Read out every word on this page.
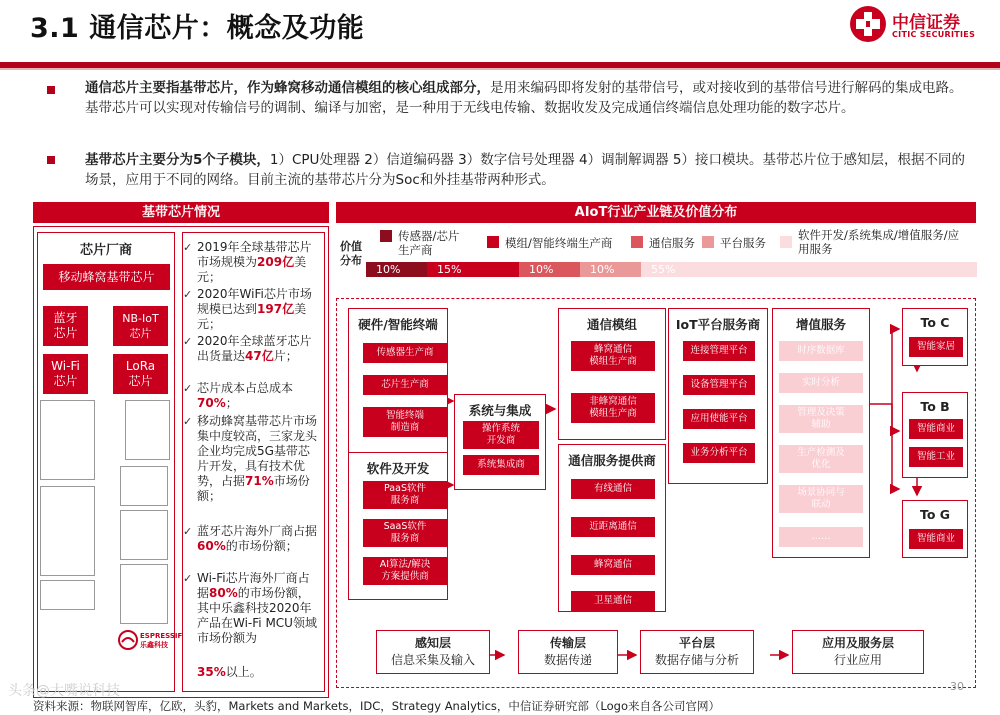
3.1 通信芯片：概念及功能	中信证券
CITIC SECURITIES
通信芯片主要指基带芯片，作为蜂窝移动通信模组的核心组成部分，是用来编码即将发射的基带信号，或对接收到的基带信号进行解码的集成电路。基带芯片可以实现对传输信号的调制、编译与加密，是一种用于无线电传输、数据收发及完成通信终端信息处理功能的数字芯片。
基带芯片主要分为5个子模块，1）CPU处理器 2）信道编码器 3）数字信号处理器 4）调制解调器 5）接口模块。基带芯片位于感知层，根据不同的场景，应用于不同的网络。目前主流的基带芯片分为Soc和外挂基带两种形式。
基带芯片情况	AIoT行业产业链及价值分布
芯片厂商
移动蜂窝基带芯片
蓝牙
芯片
NB-IoT
芯片
Wi-Fi
芯片
LoRa
芯片
ESPRESSIF
乐鑫科技
✓ 2019年全球基带芯片市场规模为209亿美元；
✓ 2020年WiFi芯片市场规模已达到197亿美元；
✓ 2020年全球蓝牙芯片出货量达47亿片；
✓ 芯片成本占总成本70%；
✓ 移动蜂窝基带芯片市场集中度较高，三家龙头企业均完成5G基带芯片开发，具有技术优势，占据71%市场份额；
✓ 蓝牙芯片海外厂商占据60%的市场份额；
✓ Wi-Fi芯片海外厂商占据80%的市场份额，其中乐鑫科技2020年产品在Wi-Fi MCU领域市场份额为
35%以上。
价值
分布
传感器/芯片
生产商	模组/智能终端生产商	通信服务	平台服务
软件开发/系统集成/增值服务/应用服务
10%	15%	10%	10%	55%
硬件/智能终端
传感器生产商
芯片生产商
智能终端
制造商
软件及开发
PaaS软件
服务商
SaaS软件
服务商
AI算法/解决
方案提供商
系统与集成
操作系统
开发商
系统集成商
通信模组
蜂窝通信
模组生产商
非蜂窝通信
模组生产商
通信服务提供商
有线通信
近距离通信
蜂窝通信
卫星通信
IoT平台服务商
连接管理平台
设备管理平台
应用使能平台
业务分析平台
增值服务
时序数据库
实时分析
管理及决策
辅助
生产检测及
优化
场景协同与
联动
……
To C
智能家居
To B
智能商业
智能工业
To G
智能商业
感知层
信息采集及输入
传输层
数据传递
平台层
数据存储与分析
应用及服务层
行业应用
资料来源：物联网智库，亿欧，头豹，Markets and Markets，IDC，Strategy Analytics，中信证券研究部（Logo来自各公司官网）
30
头条@大嘴说科技
